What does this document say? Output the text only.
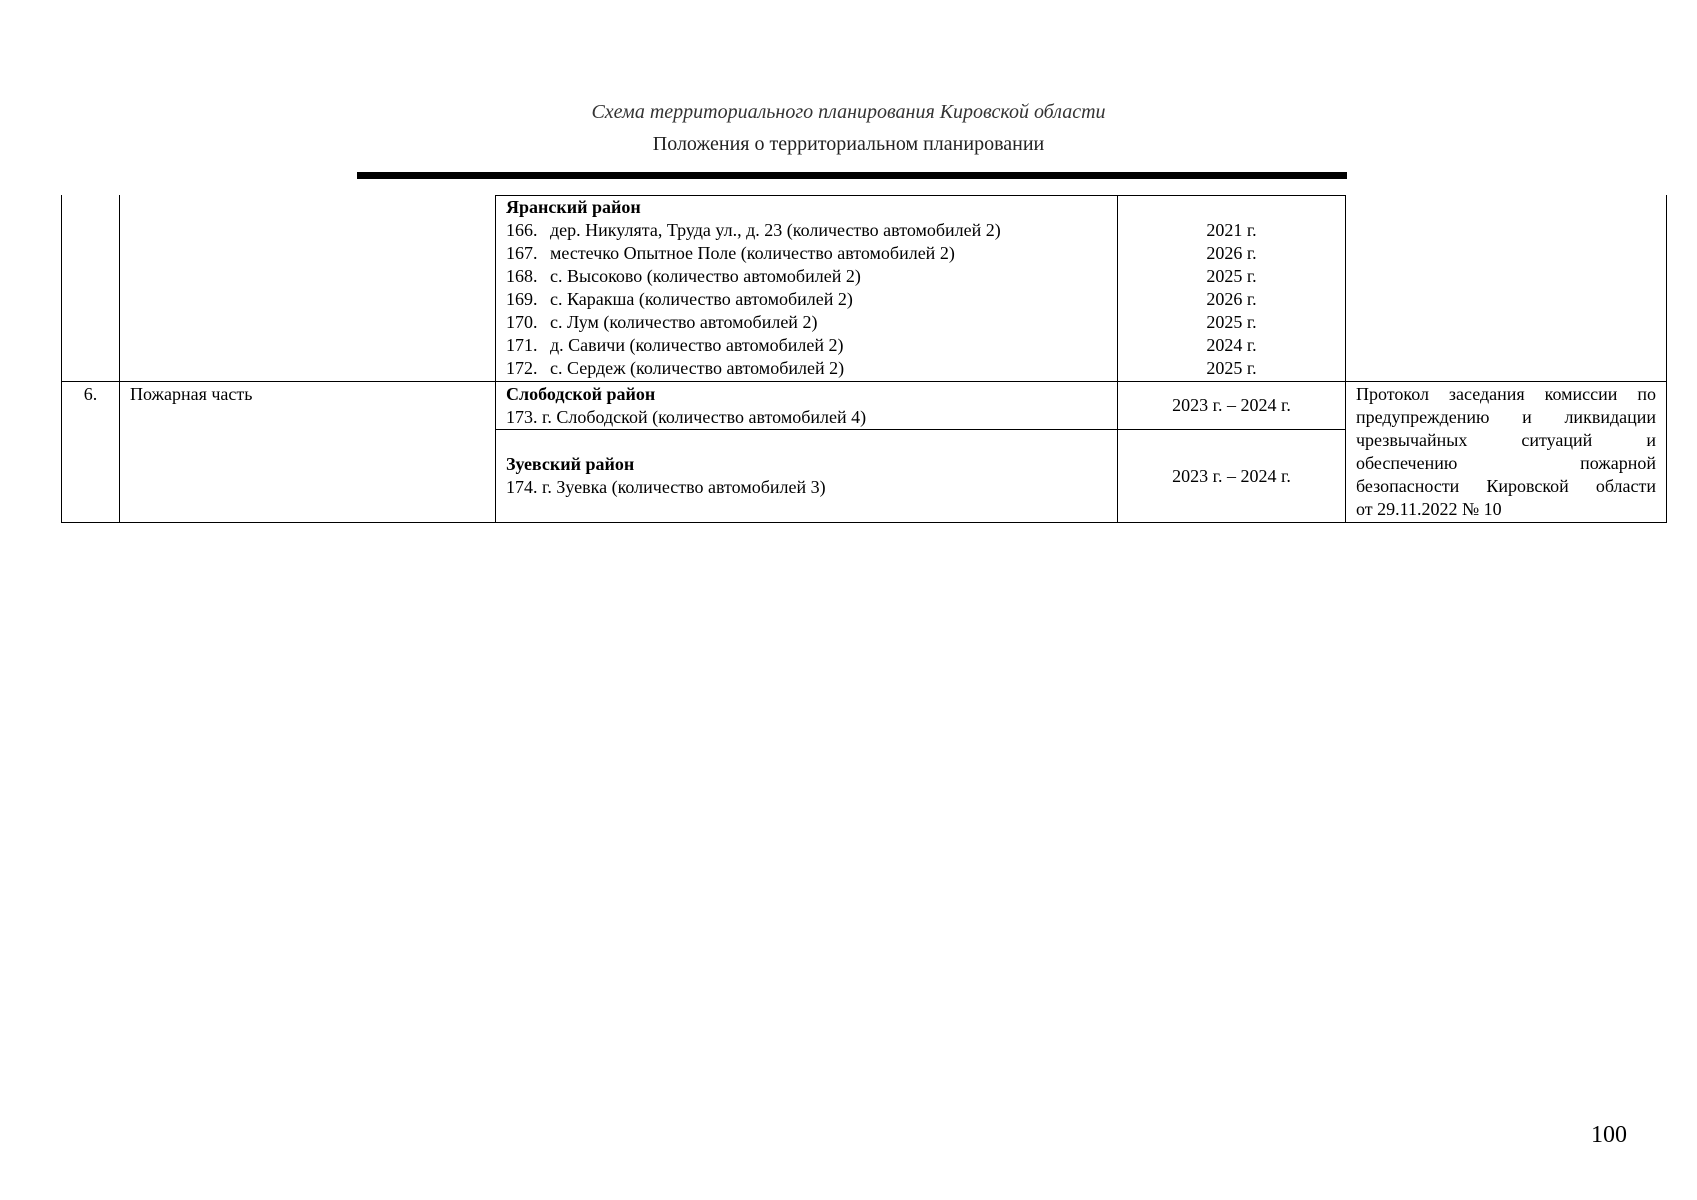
Схема территориального планирования Кировской области
Положения о территориальном планировании
Яранский район
166. дер. Никулята, Труда ул., д. 23 (количество автомобилей 2)
167. местечко Опытное Поле (количество автомобилей 2)
168. с. Высоково (количество автомобилей 2)
169. с. Каракша (количество автомобилей 2)
170. с. Лум (количество автомобилей 2)
171. д. Савичи (количество автомобилей 2)
172. с. Сердеж (количество автомобилей 2)

2021 г.
2026 г.
2025 г.
2026 г.
2025 г.
2024 г.
2025 г.
6.	Пожарная часть	Слободской район
173. г. Слободской (количество автомобилей 4)
2023 г. – 2024 г.
Зуевский район
174. г. Зуевка (количество автомобилей 3)
2023 г. – 2024 г.
Протокол заседания комиссии по
предупреждению и ликвидации
чрезвычайных ситуаций и
обеспечению пожарной
безопасности Кировской области
от 29.11.2022 № 10
100
